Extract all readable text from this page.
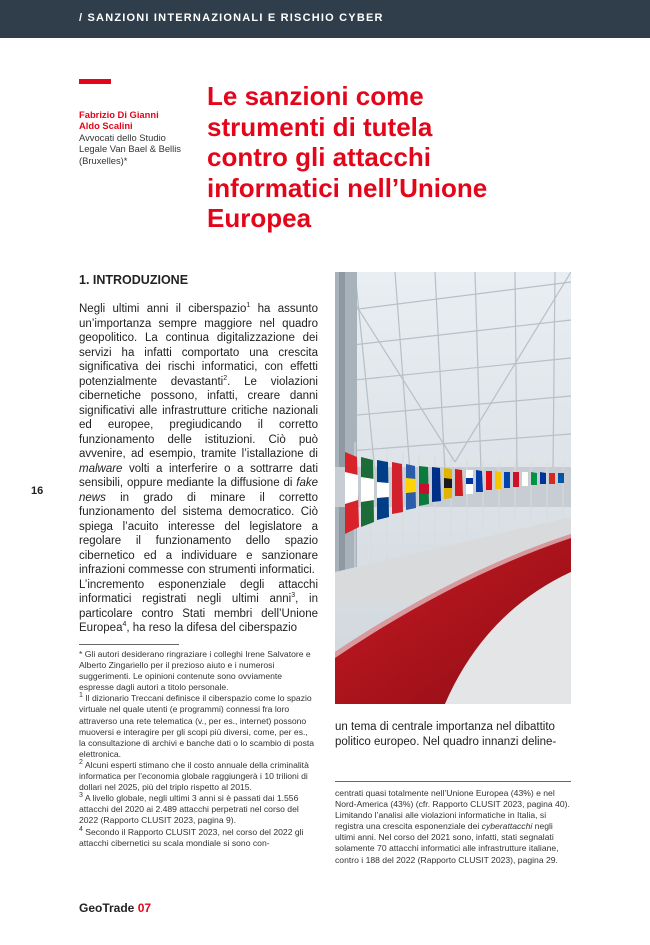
/ SANZIONI INTERNAZIONALI E RISCHIO CYBER
Fabrizio Di Gianni
Aldo Scalini
Avvocati dello Studio
Legale Van Bael & Bellis
(Bruxelles)*
Le sanzioni come
strumenti di tutela
contro gli attacchi
informatici nell’Unione
Europea
1. INTRODUZIONE

Negli ultimi anni il ciberspazio$^1$ ha assunto un’importanza sempre maggiore nel quadro geopolitico. La continua digitalizzazione dei servizi ha infatti comportato una crescita significativa dei rischi informatici, con effetti potenzialmente devastanti$^2$. Le violazioni cibernetiche possono, infatti, creare danni significativi alle infrastrutture critiche nazionali ed europee, pregiudicando il corretto funzionamento delle istituzioni. Ciò può avvenire, ad esempio, tramite l’istallazione di malware volti a interferire o a sottrarre dati sensibili, oppure mediante la diffusione di fake news in grado di minare il corretto funzionamento del sistema democratico. Ciò spiega l’acuito interesse del legislatore a regolare il funzionamento dello spazio cibernetico ed a individuare e sanzionare infrazioni commesse con strumenti informatici.

L’incremento esponenziale degli attacchi informatici registrati negli ultimi anni$^3$, in particolare contro Stati membri dell’Unione Europea$^4$, ha reso la difesa del ciberspazio

* Gli autori desiderano ringraziare i colleghi Irene Salvatore e Alberto Zingariello per il prezioso aiuto e i numerosi suggerimenti. Le opinioni contenute sono ovviamente espresse dagli autori a titolo personale.

$^1$ Il dizionario Treccani definisce il ciberspazio come lo spazio virtuale nel quale utenti (e programmi) connessi fra loro attraverso una rete telematica (v., per es., internet) possono muoversi e interagire per gli scopi più diversi, come, per es., la consultazione di archivi e banche dati o lo scambio di posta elettronica.

$^2$ Alcuni esperti stimano che il costo annuale della criminalità informatica per l’economia globale raggiungerà i 10 trilioni di dollari nel 2025, più del triplo rispetto al 2015.

$^3$ A livello globale, negli ultimi 3 anni si è passati dai 1.556 attacchi del 2020 ai 2.489 attacchi perpetrati nel corso del 2022 (Rapporto CLUSIT 2023, pagina 9).

$^4$ Secondo il Rapporto CLUSIT 2023, nel corso del 2022 gli attacchi cibernetici su scala mondiale si sono con-

un tema di centrale importanza nel dibattito politico europeo. Nel quadro innanzi deline-

centrati quasi totalmente nell’Unione Europea (43%) e nel Nord-America (43%) (cfr. Rapporto CLUSIT 2023, pagina 40). Limitando l’analisi alle violazioni informatiche in Italia, si registra una crescita esponenziale dei cyberattacchi negli ultimi anni. Nel corso del 2021 sono, infatti, stati segnalati solamente 70 attacchi informatici alle infrastrutture italiane, contro i 188 del 2022 (Rapporto CLUSIT 2023), pagina 29.

16
GeoTrade 07
